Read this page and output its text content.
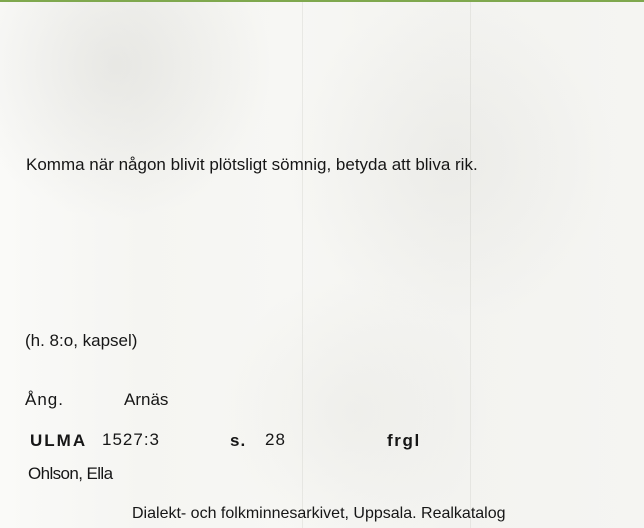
Komma när någon blivit plötsligt sömnig, betyda att bliva rik.
(h. 8:o, kapsel)
Ång.	Arnäs
ULMA 1527:3	s. 28	frgl
Ohlson, Ella
Dialekt- och folkminnesarkivet, Uppsala. Realkatalog
